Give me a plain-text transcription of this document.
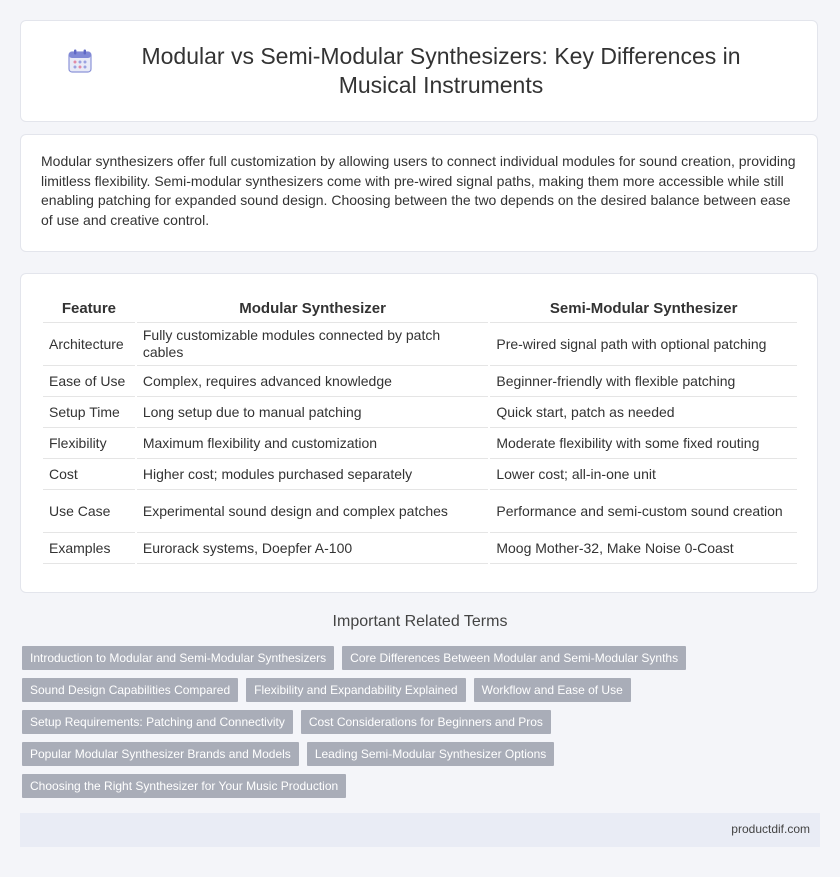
Modular vs Semi-Modular Synthesizers: Key Differences in Musical Instruments

Modular synthesizers offer full customization by allowing users to connect individual modules for sound creation, providing limitless flexibility. Semi-modular synthesizers come with pre-wired signal paths, making them more accessible while still enabling patching for expanded sound design. Choosing between the two depends on the desired balance between ease of use and creative control.

Feature	Modular Synthesizer	Semi-Modular Synthesizer
Architecture	Fully customizable modules connected by patch cables	Pre-wired signal path with optional patching
Ease of Use	Complex, requires advanced knowledge	Beginner-friendly with flexible patching
Setup Time	Long setup due to manual patching	Quick start, patch as needed
Flexibility	Maximum flexibility and customization	Moderate flexibility with some fixed routing
Cost	Higher cost; modules purchased separately	Lower cost; all-in-one unit
Use Case	Experimental sound design and complex patches	Performance and semi-custom sound creation
Examples	Eurorack systems, Doepfer A-100	Moog Mother-32, Make Noise 0-Coast
Important Related Terms
Introduction to Modular and Semi-Modular Synthesizers	Core Differences Between Modular and Semi-Modular Synths
Sound Design Capabilities Compared	Flexibility and Expandability Explained	Workflow and Ease of Use
Setup Requirements: Patching and Connectivity	Cost Considerations for Beginners and Pros
Popular Modular Synthesizer Brands and Models	Leading Semi-Modular Synthesizer Options
Choosing the Right Synthesizer for Your Music Production
productdif.com
